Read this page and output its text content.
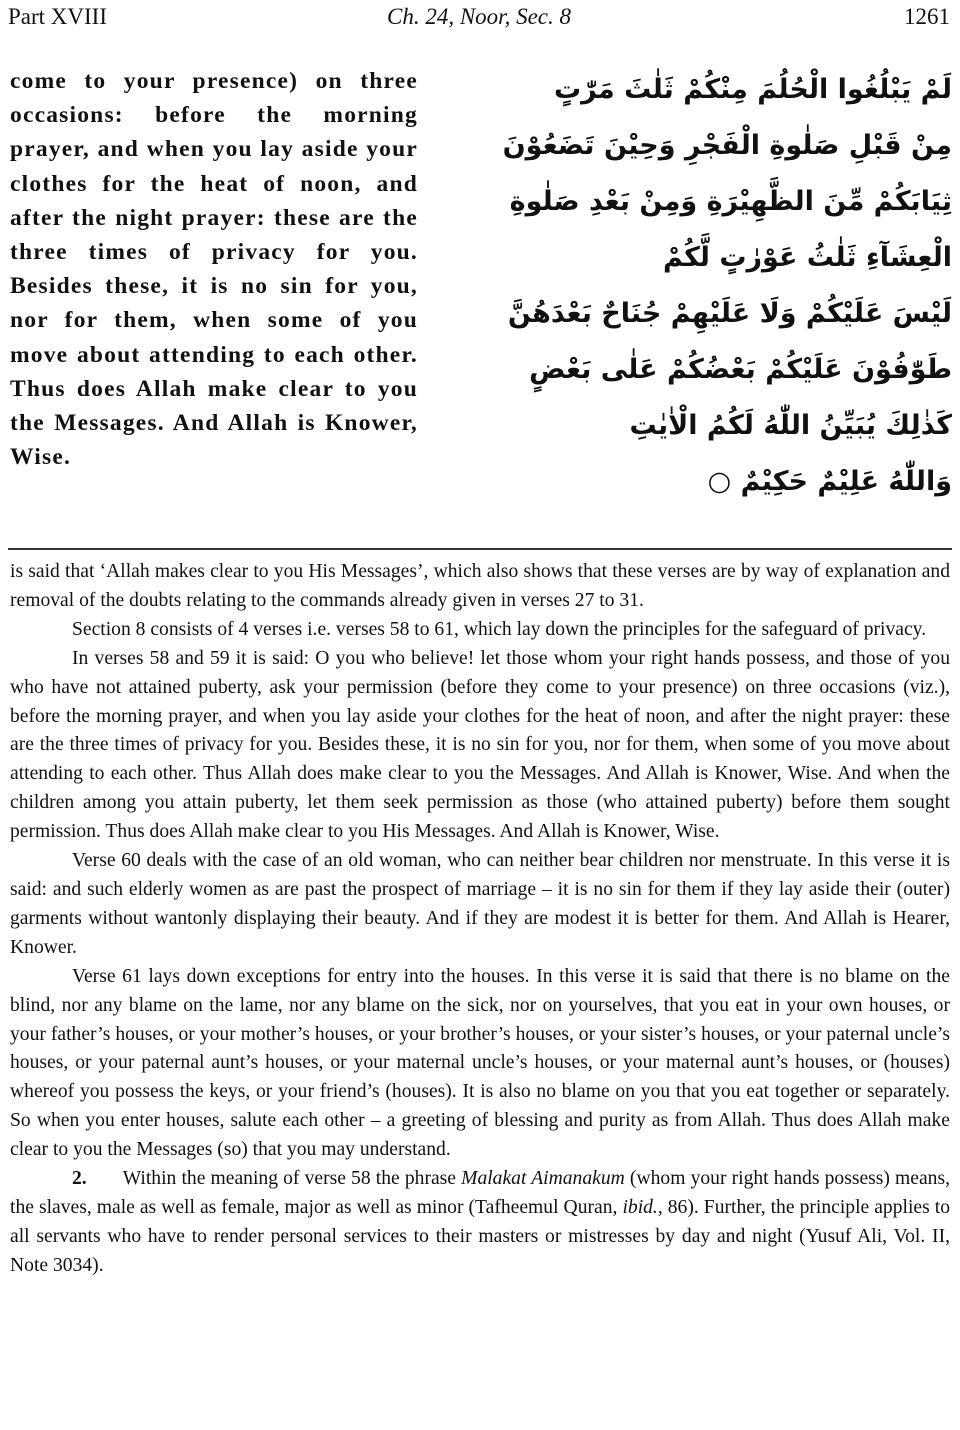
Part XVIII	Ch. 24, Noor, Sec. 8	1261
come to your presence) on three occasions: before the morning prayer, and when you lay aside your clothes for the heat of noon, and after the night prayer: these are the three times of privacy for you. Besides these, it is no sin for you, nor for them, when some of you move about attending to each other. Thus does Allah make clear to you the Messages. And Allah is Knower, Wise.
لَمْ يَبْلُغُوا الْحُلُمَ مِنْكُمْ ثَلٰثَ مَرّٰتٍ
مِنْ قَبْلِ صَلٰوةِ الْفَجْرِ وَحِيْنَ تَضَعُوْنَ
ثِيَابَكُمْ مِّنَ الظَّهِيْرَةِ وَمِنْ بَعْدِ صَلٰوةِ
الْعِشَآءِ ثَلٰثُ عَوْرٰتٍ لَّكُمْ
لَيْسَ عَلَيْكُمْ وَلَا عَلَيْهِمْ جُنَاحٌ بَعْدَهُنَّ
طَوّٰفُوْنَ عَلَيْكُمْ بَعْضُكُمْ عَلٰى بَعْضٍ
كَذٰلِكَ يُبَيِّنُ اللّٰهُ لَكُمُ الْاٰيٰتِ
وَاللّٰهُ عَلِيْمٌ حَكِيْمٌ ○

is said that ‘Allah makes clear to you His Messages’, which also shows that these verses are by way of explanation and removal of the doubts relating to the commands already given in verses 27 to 31.

Section 8 consists of 4 verses i.e. verses 58 to 61, which lay down the principles for the safeguard of privacy.

In verses 58 and 59 it is said: O you who believe! let those whom your right hands possess, and those of you who have not attained puberty, ask your permission (before they come to your presence) on three occasions (viz.), before the morning prayer, and when you lay aside your clothes for the heat of noon, and after the night prayer: these are the three times of privacy for you. Besides these, it is no sin for you, nor for them, when some of you move about attending to each other. Thus Allah does make clear to you the Messages. And Allah is Knower, Wise. And when the children among you attain puberty, let them seek permission as those (who attained puberty) before them sought permission. Thus does Allah make clear to you His Messages. And Allah is Knower, Wise.

Verse 60 deals with the case of an old woman, who can neither bear children nor menstruate. In this verse it is said: and such elderly women as are past the prospect of marriage – it is no sin for them if they lay aside their (outer) garments without wantonly displaying their beauty. And if they are modest it is better for them. And Allah is Hearer, Knower.

Verse 61 lays down exceptions for entry into the houses. In this verse it is said that there is no blame on the blind, nor any blame on the lame, nor any blame on the sick, nor on yourselves, that you eat in your own houses, or your father’s houses, or your mother’s houses, or your brother’s houses, or your sister’s houses, or your paternal uncle’s houses, or your paternal aunt’s houses, or your maternal uncle’s houses, or your maternal aunt’s houses, or (houses) whereof you possess the keys, or your friend’s (houses). It is also no blame on you that you eat together or separately. So when you enter houses, salute each other – a greeting of blessing and purity as from Allah. Thus does Allah make clear to you the Messages (so) that you may understand.

2. Within the meaning of verse 58 the phrase Malakat Aimanakum (whom your right hands possess) means, the slaves, male as well as female, major as well as minor (Tafheemul Quran, ibid., 86). Further, the principle applies to all servants who have to render personal services to their masters or mistresses by day and night (Yusuf Ali, Vol. II, Note 3034).
